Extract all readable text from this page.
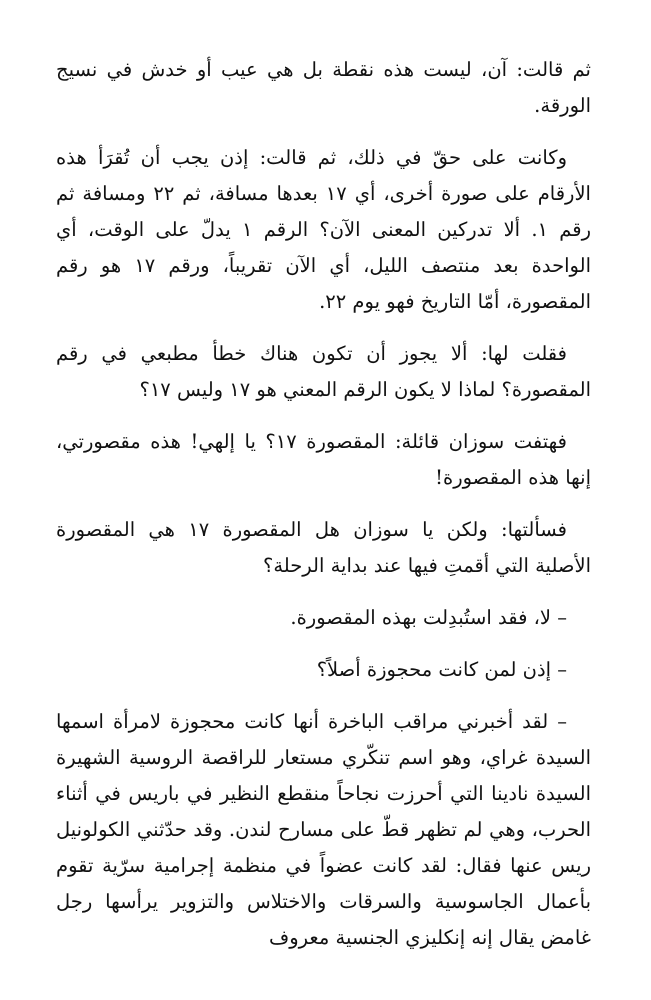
ثم قالت: آن، ليست هذه نقطة بل هي عيب أو خدش في نسيج الورقة.

وكانت على حقّ في ذلك، ثم قالت: إذن يجب أن تُقرَأ هذه الأرقام على صورة أخرى، أي ١٧ بعدها مسافة، ثم ٢٢ ومسافة ثم رقم ١. ألا تدركين المعنى الآن؟ الرقم ١ يدلّ على الوقت، أي الواحدة بعد منتصف الليل، أي الآن تقريباً، ورقم ١٧ هو رقم المقصورة، أمّا التاريخ فهو يوم ٢٢.

فقلت لها: ألا يجوز أن تكون هناك خطأ مطبعي في رقم المقصورة؟ لماذا لا يكون الرقم المعني هو ١٧ وليس ١٧؟

فهتفت سوزان قائلة: المقصورة ١٧؟ يا إلهي! هذه مقصورتي، إنها هذه المقصورة!

فسألتها: ولكن يا سوزان هل المقصورة ١٧ هي المقصورة الأصلية التي أقمتِ فيها عند بداية الرحلة؟

– لا، فقد استُبدِلت بهذه المقصورة.

– إذن لمن كانت محجوزة أصلاً؟

– لقد أخبرني مراقب الباخرة أنها كانت محجوزة لامرأة اسمها السيدة غراي، وهو اسم تنكّري مستعار للراقصة الروسية الشهيرة السيدة نادينا التي أحرزت نجاحاً منقطع النظير في باريس في أثناء الحرب، وهي لم تظهر قطّ على مسارح لندن. وقد حدّثني الكولونيل ريس عنها فقال: لقد كانت عضواً في منظمة إجرامية سرّية تقوم بأعمال الجاسوسية والسرقات والاختلاس والتزوير يرأسها رجل غامض يقال إنه إنكليزي الجنسية معروف
